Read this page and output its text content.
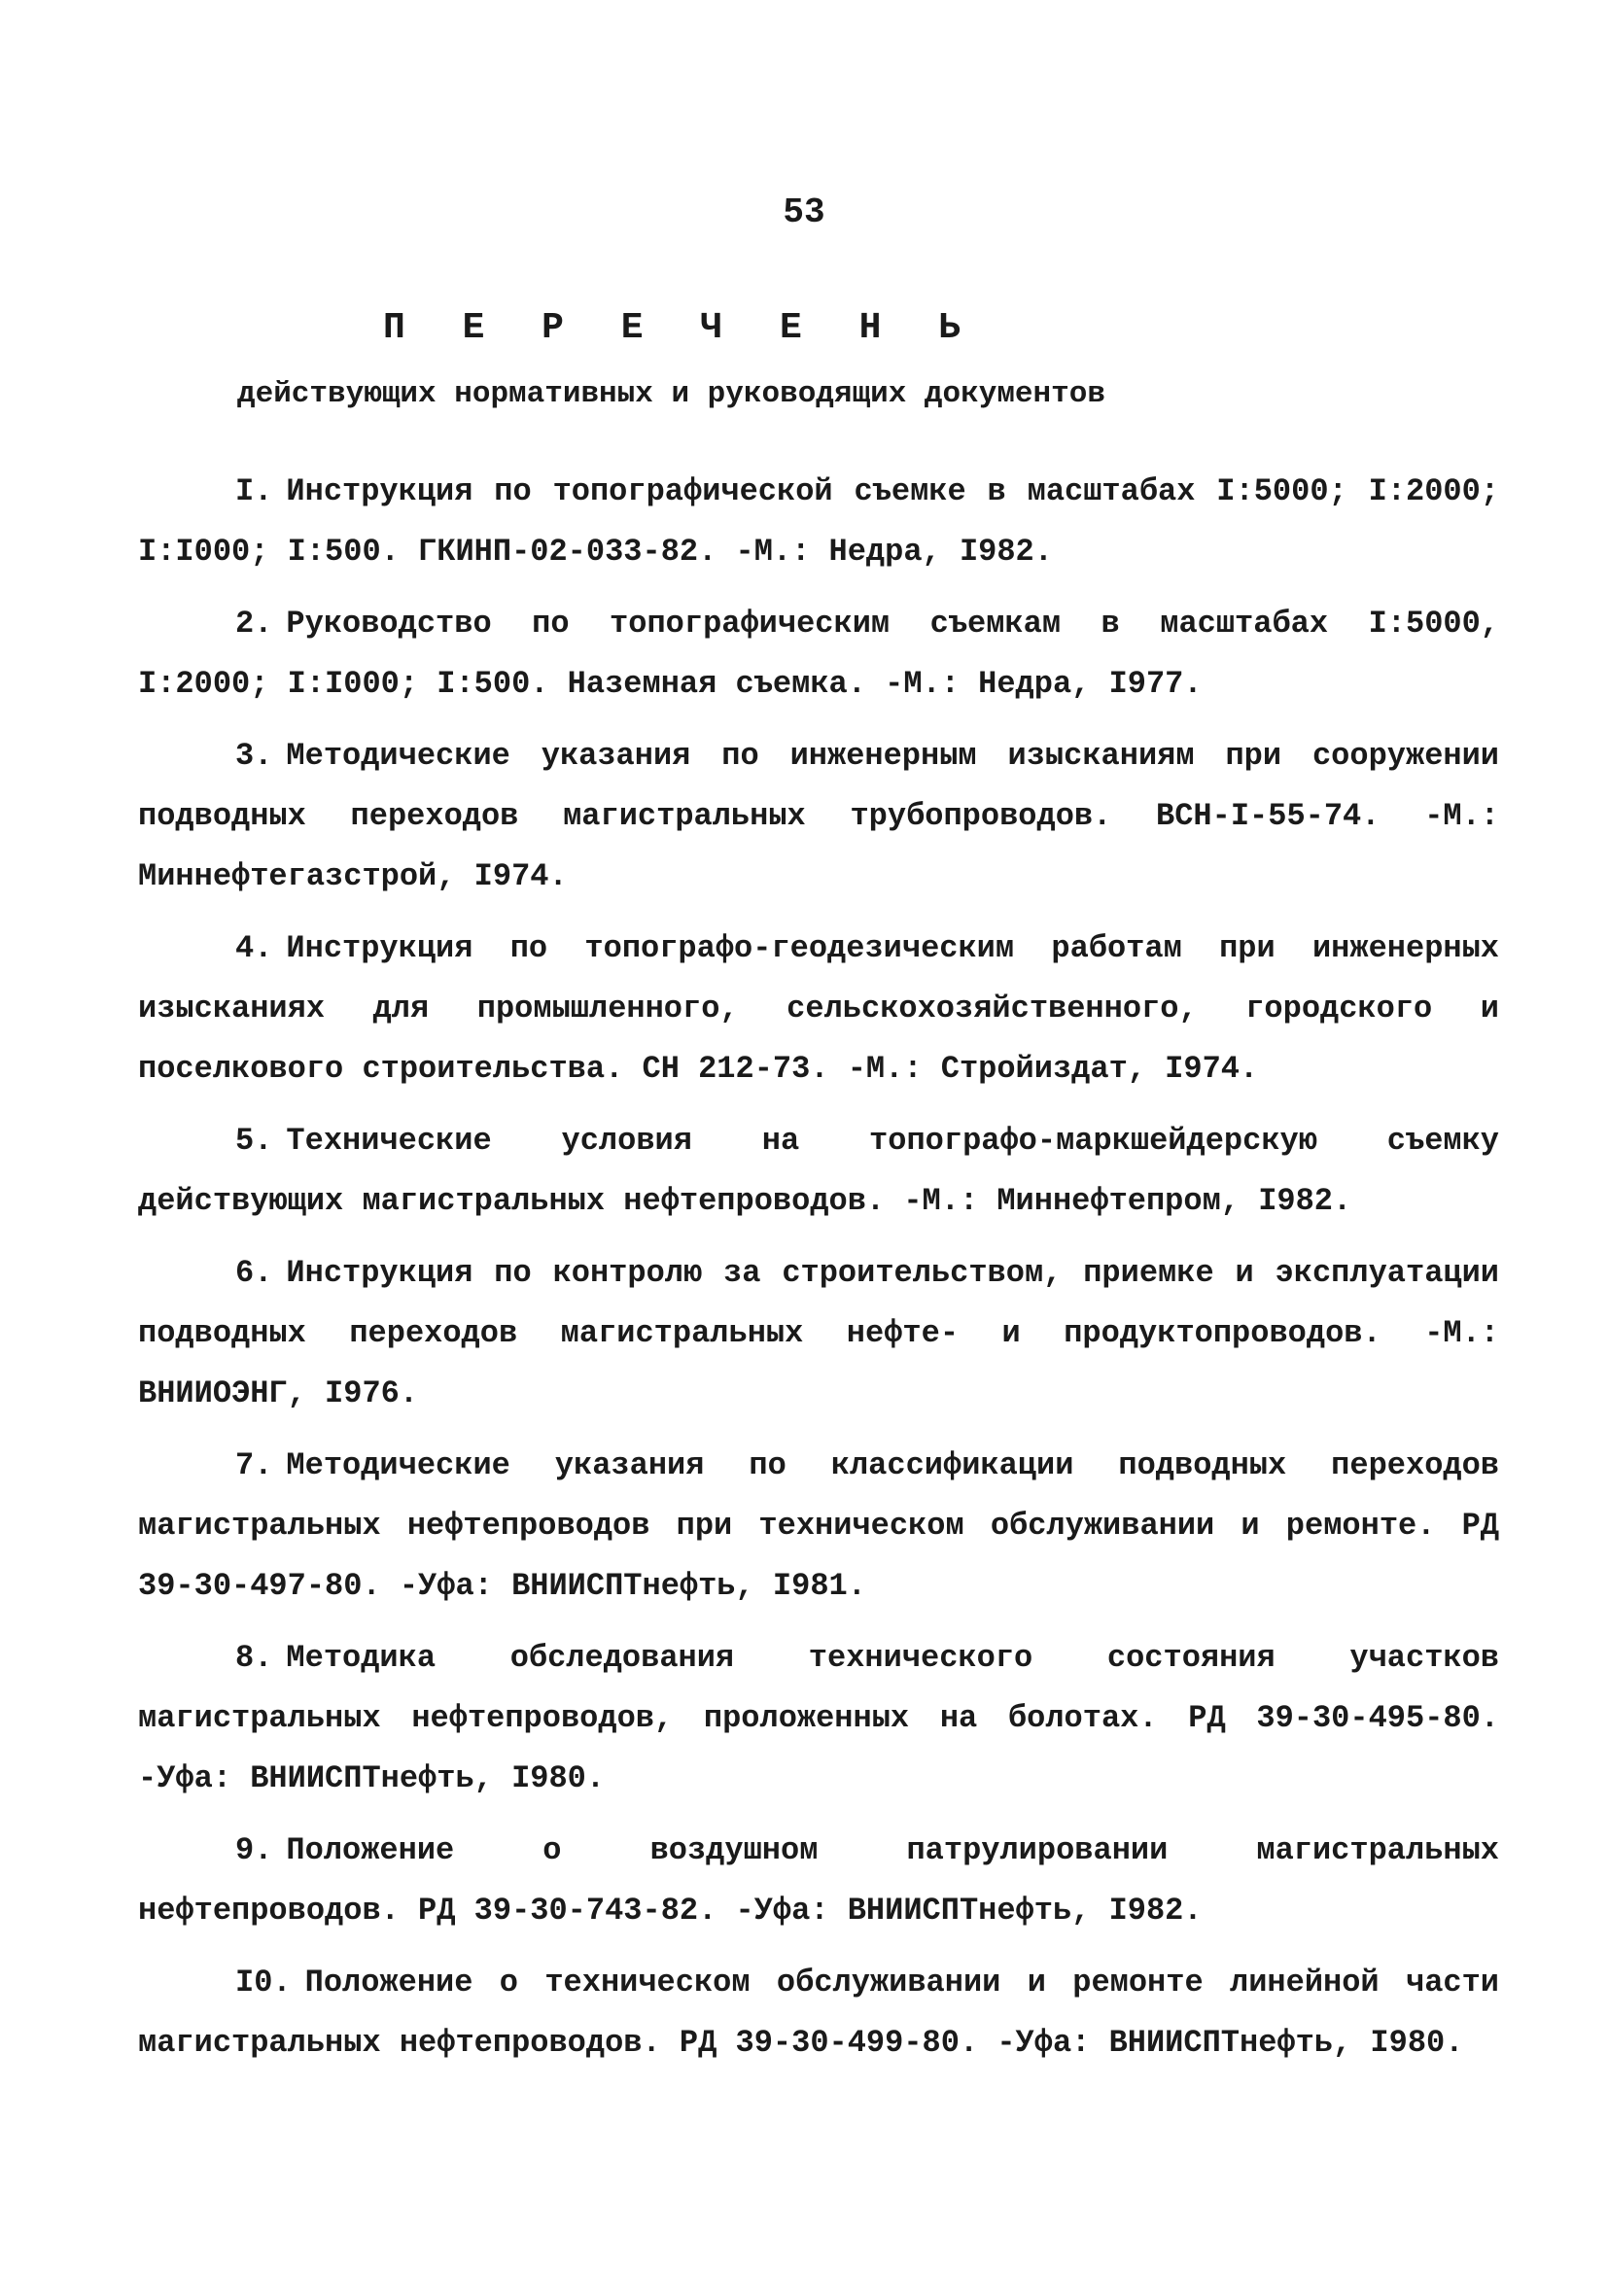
53
П Е Р Е Ч Е Н Ь
действующих нормативных и руководящих документов
I. Инструкция по топографической съемке в масштабах I:5000; I:2000; I:I000; I:500. ГКИНП-02-033-82. -М.: Недра, I982.
2. Руководство по топографическим съемкам в масштабах I:5000, I:2000; I:I000; I:500. Наземная съемка. -М.: Недра, I977.
3. Методические указания по инженерным изысканиям при сооружении подводных переходов магистральных трубопроводов. ВСН-I-55-74. -М.: Миннефтегазстрой, I974.
4. Инструкция по топографо-геодезическим работам при инженерных изысканиях для промышленного, сельскохозяйственного, городского и поселкового строительства. СН 212-73. -М.: Стройиздат, I974.
5. Технические условия на топографо-маркшейдерскую съемку действующих магистральных нефтепроводов. -М.: Миннефтепром, I982.
6. Инструкция по контролю за строительством, приемке и эксплуатации подводных переходов магистральных нефте- и продуктопроводов. -М.: ВНИИОЭНГ, I976.
7. Методические указания по классификации подводных переходов магистральных нефтепроводов при техническом обслуживании и ремонте. РД 39-30-497-80. -Уфа: ВНИИСПТнефть, I981.
8. Методика обследования технического состояния участков магистральных нефтепроводов, проложенных на болотах. РД 39-30-495-80. -Уфа: ВНИИСПТнефть, I980.
9. Положение о воздушном патрулировании магистральных нефтепроводов. РД 39-30-743-82. -Уфа: ВНИИСПТнефть, I982.
I0. Положение о техническом обслуживании и ремонте линейной части магистральных нефтепроводов. РД 39-30-499-80. -Уфа: ВНИИСПТнефть, I980.
